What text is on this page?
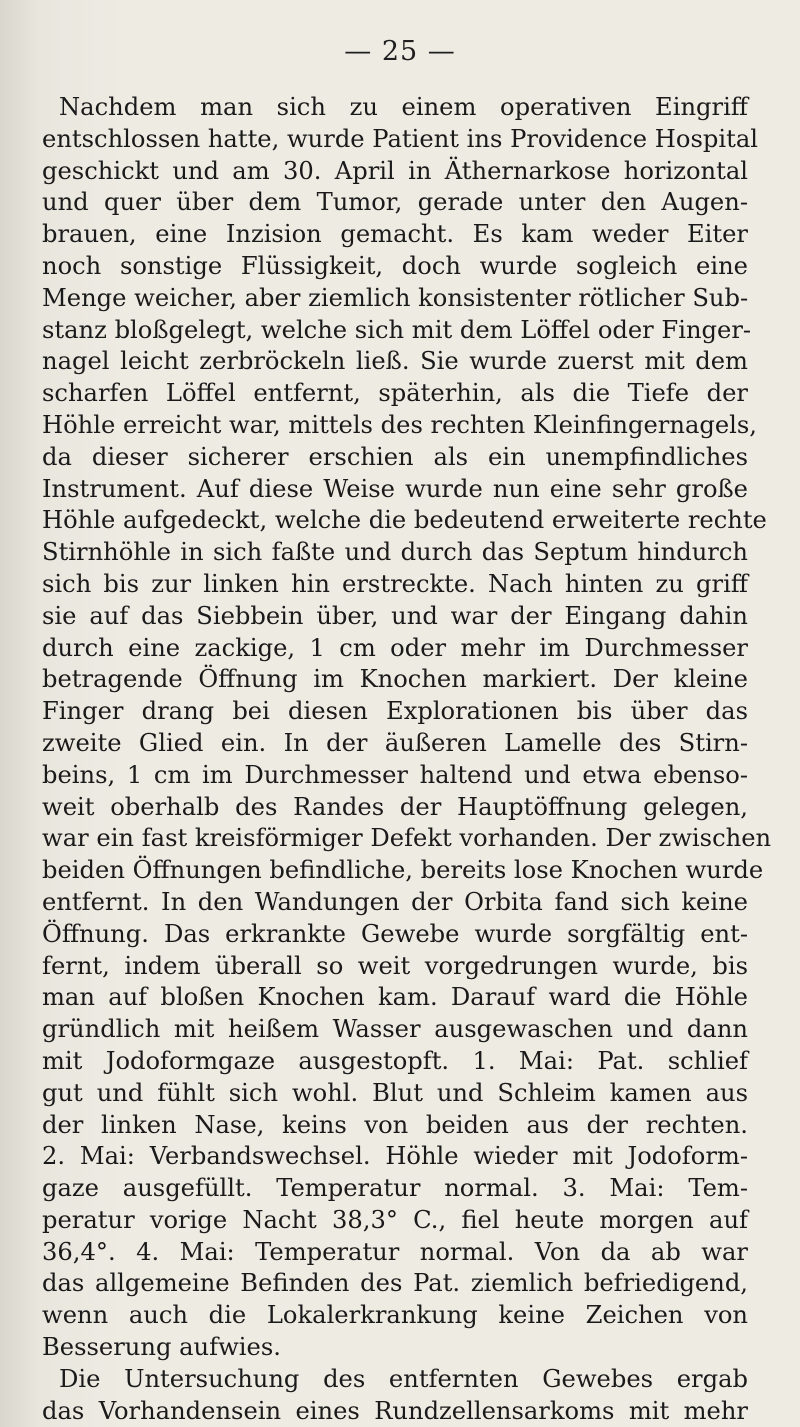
— 25 —
Nachdem man sich zu einem operativen Eingriff
entschlossen hatte, wurde Patient ins Providence Hospital
geschickt und am 30. April in Äthernarkose horizontal
und quer über dem Tumor, gerade unter den Augen-
brauen, eine Inzision gemacht. Es kam weder Eiter
noch sonstige Flüssigkeit, doch wurde sogleich eine
Menge weicher, aber ziemlich konsistenter rötlicher Sub-
stanz bloßgelegt, welche sich mit dem Löffel oder Finger-
nagel leicht zerbröckeln ließ. Sie wurde zuerst mit dem
scharfen Löffel entfernt, späterhin, als die Tiefe der
Höhle erreicht war, mittels des rechten Kleinfingernagels,
da dieser sicherer erschien als ein unempfindliches
Instrument. Auf diese Weise wurde nun eine sehr große
Höhle aufgedeckt, welche die bedeutend erweiterte rechte
Stirnhöhle in sich faßte und durch das Septum hindurch
sich bis zur linken hin erstreckte. Nach hinten zu griff
sie auf das Siebbein über, und war der Eingang dahin
durch eine zackige, 1 cm oder mehr im Durchmesser
betragende Öffnung im Knochen markiert. Der kleine
Finger drang bei diesen Explorationen bis über das
zweite Glied ein. In der äußeren Lamelle des Stirn-
beins, 1 cm im Durchmesser haltend und etwa ebenso-
weit oberhalb des Randes der Hauptöffnung gelegen,
war ein fast kreisförmiger Defekt vorhanden. Der zwischen
beiden Öffnungen befindliche, bereits lose Knochen wurde
entfernt. In den Wandungen der Orbita fand sich keine
Öffnung. Das erkrankte Gewebe wurde sorgfältig ent-
fernt, indem überall so weit vorgedrungen wurde, bis
man auf bloßen Knochen kam. Darauf ward die Höhle
gründlich mit heißem Wasser ausgewaschen und dann
mit Jodoformgaze ausgestopft. 1. Mai: Pat. schlief
gut und fühlt sich wohl. Blut und Schleim kamen aus
der linken Nase, keins von beiden aus der rechten.
2. Mai: Verbandswechsel. Höhle wieder mit Jodoform-
gaze ausgefüllt. Temperatur normal. 3. Mai: Tem-
peratur vorige Nacht 38,3° C., fiel heute morgen auf
36,4°. 4. Mai: Temperatur normal. Von da ab war
das allgemeine Befinden des Pat. ziemlich befriedigend,
wenn auch die Lokalerkrankung keine Zeichen von
Besserung aufwies.
Die Untersuchung des entfernten Gewebes ergab
das Vorhandensein eines Rundzellensarkoms mit mehr
